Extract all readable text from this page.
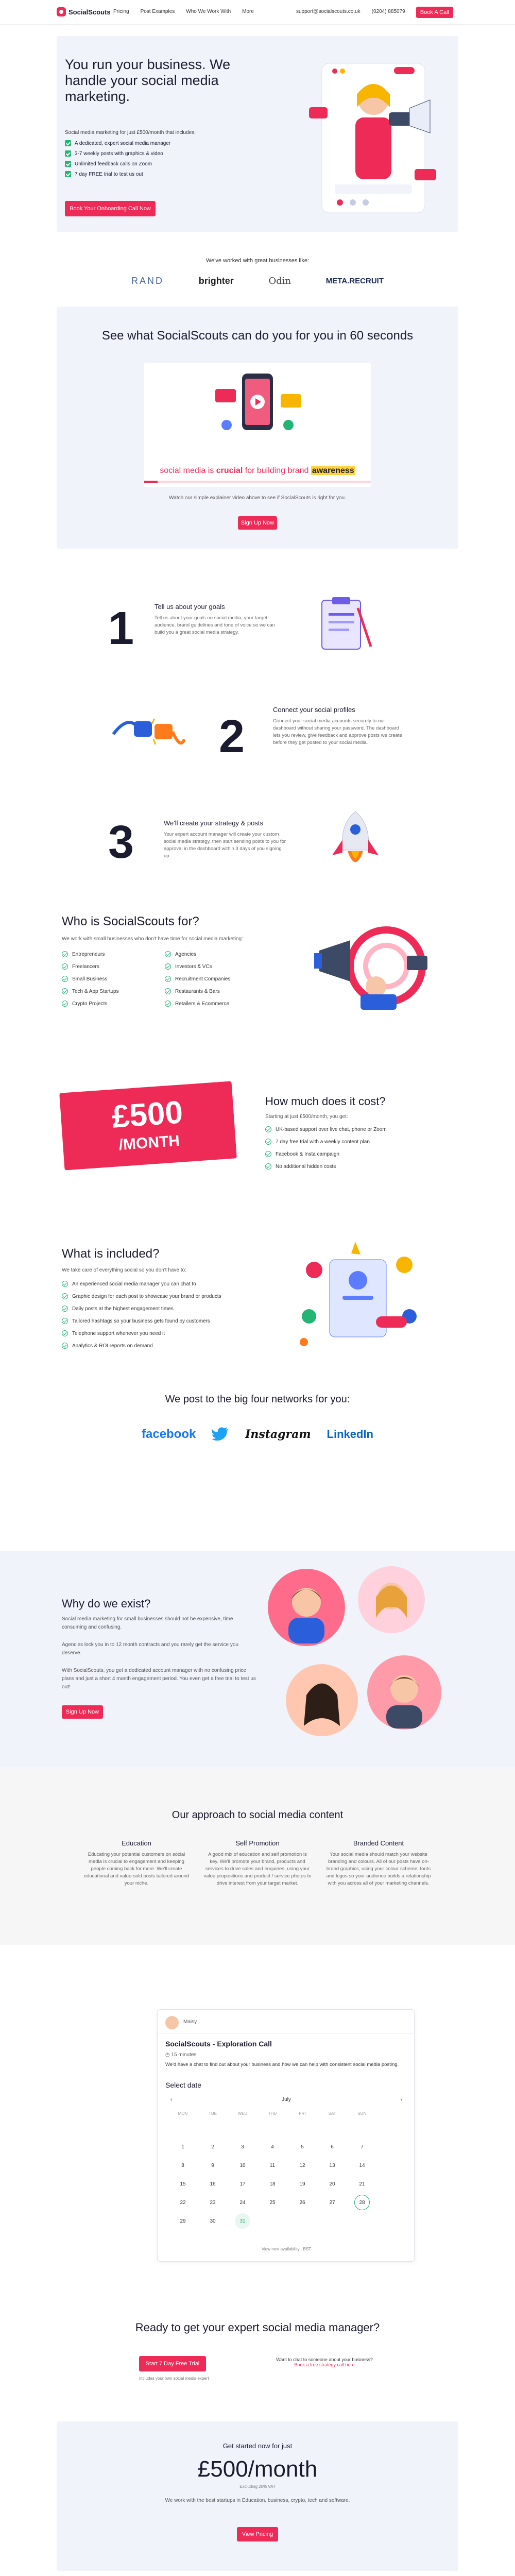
SocialScouts Pricing Post Examples Who We Work With More	support@socialscouts.co.uk (0204) 885079	Book A Call
You run your business. We handle your social media marketing.
Social media marketing for just £500/month that includes:
A dedicated, expert social media manager
3-7 weekly posts with graphics & video
Unlimited feedback calls on Zoom
7 day FREE trial to test us out
Book Your Onboarding Call Now
We've worked with great businesses like:
RAND	brighter	Odin	META.RECRUIT
See what SocialScouts can do you for you in 60 seconds
social media is crucial for building brand awareness
Watch our simple explainer video above to see if SocialScouts is right for you.
Sign Up Now
1	Tell us about your goals
Tell us about your goals on social media, your target audience, brand guidelines and tone of voice so we can build you a great social media strategy.
2
Connect your social profiles
Connect your social media accounts securely to our dashboard without sharing your password. The dashboard lets you review, give feedback and approve posts we create before they get posted to your social media.
3	We'll create your strategy & posts
Your expert account manager will create your custom social media strategy, then start sending posts to you for approval in the dashboard within 3 days of you signing up.
Who is SocialScouts for?
We work with small businesses who don't have time for social media marketing:
Entrepreneurs
Freelancers
Small Business
Tech & App Startups
Crypto Projects
Agencies
Investors & VCs
Recruitment Companies
Restaurants & Bars
Retailers & Ecommerce
£500
/MONTH
How much does it cost?
Starting at just £500/month, you get:
UK-based support over live chat, phone or Zoom
7 day free trial with a weekly content plan
Facebook & Insta campaign
No additional hidden costs
What is included?
We take care of everything social so you don't have to:
An experienced social media manager you can chat to
Graphic design for each post to showcase your brand or products
Daily posts at the highest engagement times
Tailored hashtags so your business gets found by customers
Telephone support whenever you need it
Analytics & ROI reports on demand
We post to the big four networks for you:
facebook	Instagram LinkedIn
Why do we exist?
Social media marketing for small businesses should not be expensive, time consuming and confusing.
Agencies lock you in to 12 month contracts and you rarely get the service you deserve.
With SocialScouts, you get a dedicated account manager with no confusing price plans and just a short 4 month engagement period. You even get a free trial to test us out!
Sign Up Now
Our approach to social media content
Education
Educating your potential customers on social media is crucial to engagement and keeping people coming back for more. We'll create educational and value-sold posts tailored around your niche.
Self Promotion
A good mix of education and self promotion is key. We'll promote your brand, products and services to drive sales and enquiries, using your value propositions and product / service photos to drive interest from your target market.
Branded Content
Your social media should match your website branding and colours. All of our posts have on-brand graphics, using your colour scheme, fonts and logos so your audience builds a relationship with you across all of your marketing channels.
Maisy
SocialScouts - Exploration Call
◷ 15 minutes
We'd have a chat to find out about your business and how we can help with consistent social media posting.
Select date
‹	July	›
MON	TUE	WED	THU	FRI	SAT	SUN
1	2	3	4	5	6	7
8	9	10	11	12	13	14
15	16	17	18	19	20	21
22	23	24	25	26	27	28
29	30	31
View next availability · BST
Ready to get your expert social media manager?
Start 7 Day Free Trial
Includes your own social media expert
Want to chat to someone about your business?
Book a free strategy call here
Get started now for just
£500/month
Excluding 20% VAT
We work with the best startups in Education, business, crypto, tech and software.
View Pricing
